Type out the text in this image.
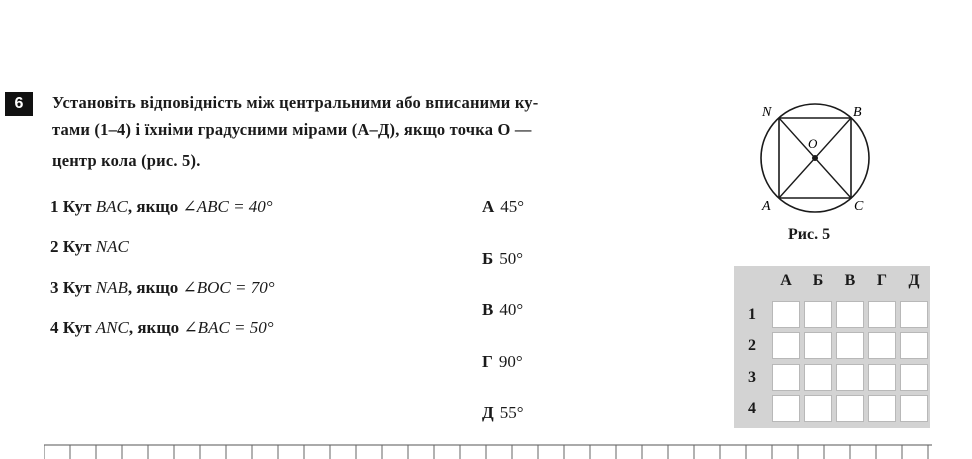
6	Установіть відповідність між центральними або вписаними ку-
тами (1–4) і їхніми градусними мірами (А–Д), якщо точка O —
центр кола (рис. 5).
1 Кут BAC, якщо ∠ABC = 40°
2 Кут NAC
3 Кут NAB, якщо ∠BOC = 70°
4 Кут ANC, якщо ∠BAC = 50°
А 45°
Б 50°
В 40°
Г 90°
Д 55°
N	B
O
A	C
Рис. 5
А	Б	В	Г	Д
1
2
3
4
